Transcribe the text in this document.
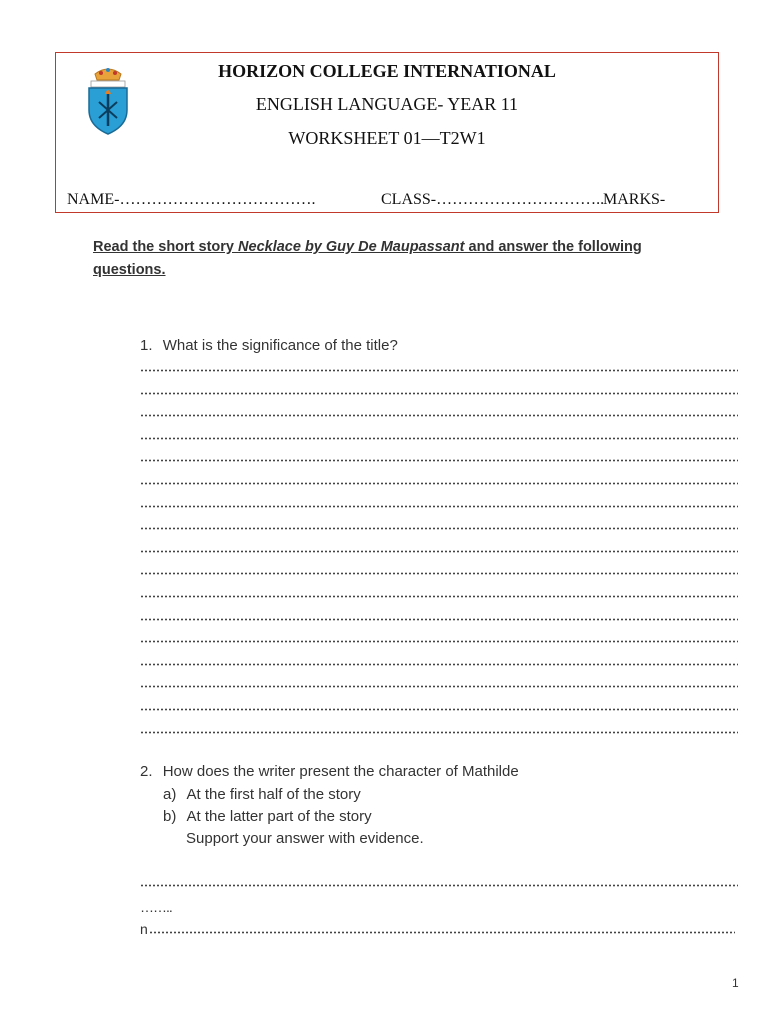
HORIZON COLLEGE INTERNATIONAL
ENGLISH LANGUAGE- YEAR 11
WORKSHEET 01—T2W1
NAME-……………………………….	CLASS-…………………………..
MARKS-
Read the short story Necklace by Guy De Maupassant and answer the following questions.
1. What is the significance of the title?
2. How does the writer present the character of Mathilde
a) At the first half of the story
b) At the latter part of the story
Support your answer with evidence.
……..
n
1
